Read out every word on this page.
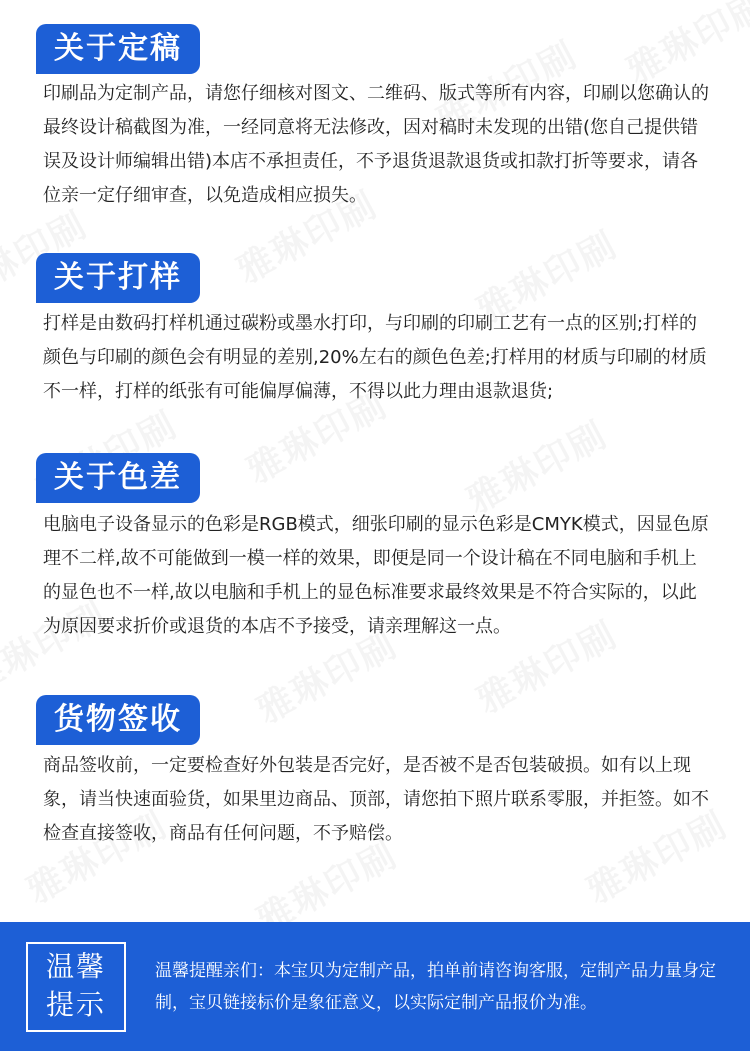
关于定稿
印刷品为定制产品，请您仔细核对图文、二维码、版式等所有内容，印刷以您确认的最终设计稿截图为准，一经同意将无法修改，因对稿时未发现的出错(您自己提供错误及设计师编辑出错)本店不承担责任，不予退货退款退货或扣款打折等要求，请各位亲一定仔细审查，以免造成相应损失。
关于打样
打样是由数码打样机通过碳粉或墨水打印，与印刷的印刷工艺有一点的区别;打样的颜色与印刷的颜色会有明显的差别,20%左右的颜色色差;打样用的材质与印刷的材质不一样，打样的纸张有可能偏厚偏薄，不得以此力理由退款退货;
关于色差
电脑电子设备显示的色彩是RGB模式，细张印刷的显示色彩是CMYK模式，因显色原理不二样,故不可能做到一模一样的效果，即便是同一个设计稿在不同电脑和手机上的显色也不一样,故以电脑和手机上的显色标准要求最终效果是不符合实际的，以此为原因要求折价或退货的本店不予接受，请亲理解这一点。
货物签收
商品签收前，一定要检查好外包装是否完好，是否被不是否包装破损。如有以上现象，请当快速面验货，如果里边商品、顶部，请您拍下照片联系零服，并拒签。如不检查直接签收，商品有任何问题，不予赔偿。
温馨
提示
温馨提醒亲们：本宝贝为定制产品，拍单前请咨询客服，定制产品力量身定制，宝贝链接标价是象征意义，以实际定制产品报价为准。
